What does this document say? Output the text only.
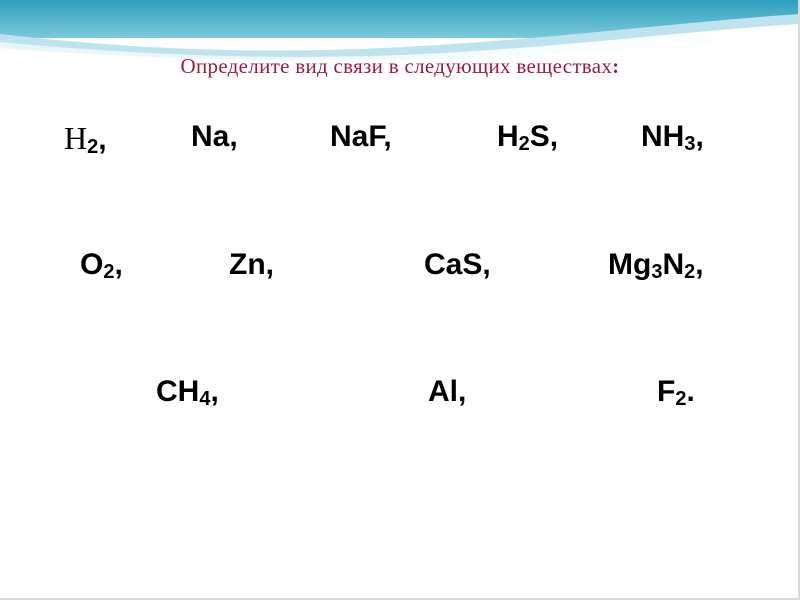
Определите вид связи в следующих веществах:
H2,	Na,	NaF,	H2S,	NH3,
O2,	Zn,	CaS,	Mg3N2,
CH4,	Al,	F2.
